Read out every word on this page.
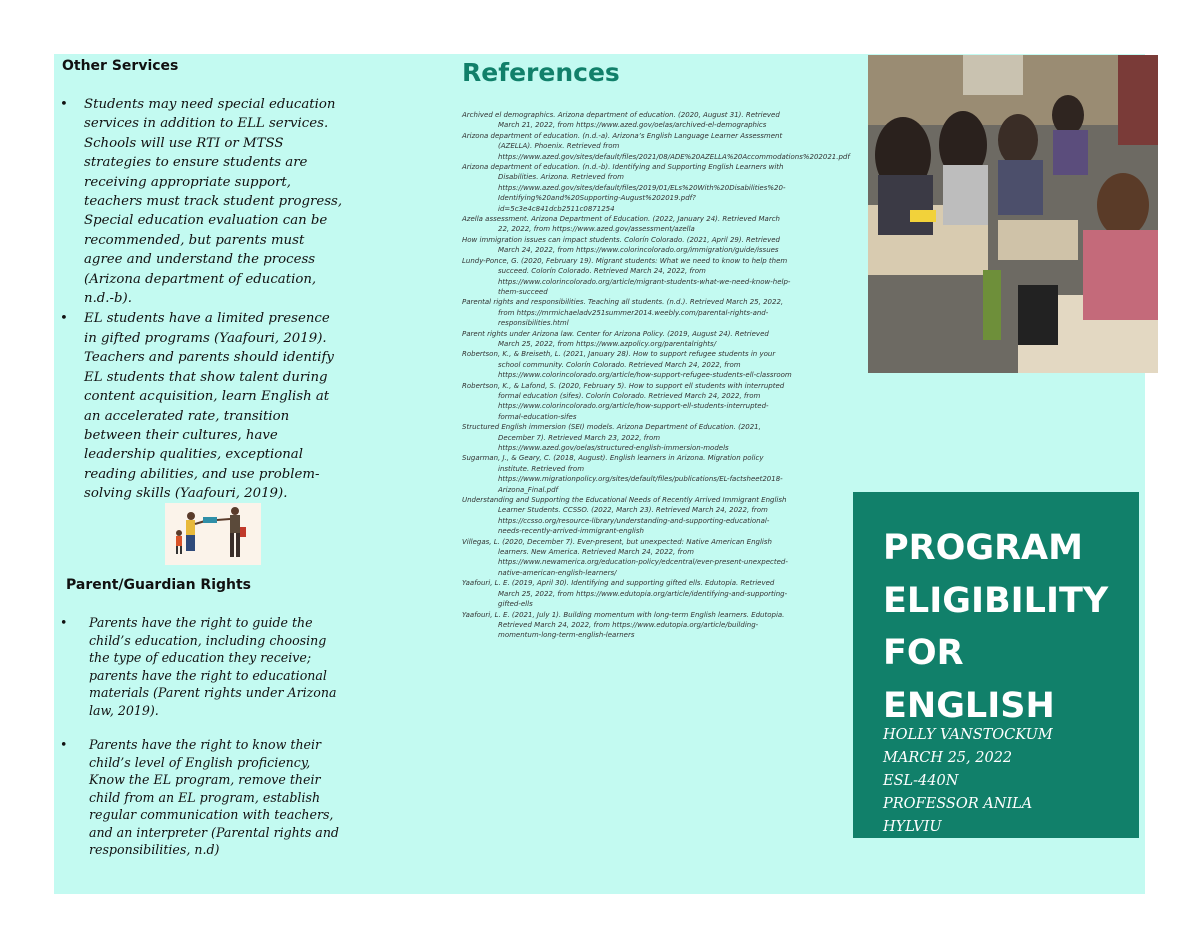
Other Services
• Students may need special education services in addition to ELL services. Schools will use RTI or MTSS strategies to ensure students are receiving appropriate support, teachers must track student progress, Special education evaluation can be recommended, but parents must agree and understand the process (Arizona department of education, n.d.-b).
• EL students have a limited presence in gifted programs (Yaafouri, 2019). Teachers and parents should identify EL students that show talent during content acquisition, learn English at an accelerated rate, transition between their cultures, have leadership qualities, exceptional reading abilities, and use problem-solving skills (Yaafouri, 2019).
Parent/Guardian Rights
• Parents have the right to guide the child’s education, including choosing the type of education they receive; parents have the right to educational materials (Parent rights under Arizona law, 2019).
• Parents have the right to know their child’s level of English proficiency, Know the EL program, remove their child from an EL program, establish regular communication with teachers, and an interpreter (Parental rights and responsibilities, n.d)
References
Archived el demographics. Arizona department of education. (2020, August 31). Retrieved March 21, 2022, from https://www.azed.gov/oelas/archived-el-demographics
Arizona department of education. (n.d.-a). Arizona’s English Language Learner Assessment (AZELLA). Phoenix. Retrieved from https://www.azed.gov/sites/default/files/2021/08/ADE%20AZELLA%20Accommodations%202021.pdf
Arizona department of education. (n.d.-b). Identifying and Supporting English Learners with Disabilities. Arizona. Retrieved from https://www.azed.gov/sites/default/files/2019/01/ELs%20With%20Disabilities%20-Identifying%20and%20Supporting-August%202019.pdf?id=5c3e4c841dcb2511c0871254
Azella assessment. Arizona Department of Education. (2022, January 24). Retrieved March 22, 2022, from https://www.azed.gov/assessment/azella
How immigration issues can impact students. Colorín Colorado. (2021, April 29). Retrieved March 24, 2022, from https://www.colorincolorado.org/immigration/guide/issues
Lundy-Ponce, G. (2020, February 19). Migrant students: What we need to know to help them succeed. Colorín Colorado. Retrieved March 24, 2022, from https://www.colorincolorado.org/article/migrant-students-what-we-need-know-help-them-succeed
Parental rights and responsibilities. Teaching all students. (n.d.). Retrieved March 25, 2022, from https://mrmichaeladv251summer2014.weebly.com/parental-rights-and-responsibilities.html
Parent rights under Arizona law. Center for Arizona Policy. (2019, August 24). Retrieved March 25, 2022, from https://www.azpolicy.org/parentalrights/
Robertson, K., & Breiseth, L. (2021, January 28). How to support refugee students in your school community. Colorín Colorado. Retrieved March 24, 2022, from https://www.colorincolorado.org/article/how-support-refugee-students-ell-classroom
Robertson, K., & Lafond, S. (2020, February 5). How to support ell students with interrupted formal education (sifes). Colorín Colorado. Retrieved March 24, 2022, from https://www.colorincolorado.org/article/how-support-ell-students-interrupted-formal-education-sifes
Structured English immersion (SEI) models. Arizona Department of Education. (2021, December 7). Retrieved March 23, 2022, from https://www.azed.gov/oelas/structured-english-immersion-models
Sugarman, J., & Geary, C. (2018, August). English learners in Arizona. Migration policy institute. Retrieved from https://www.migrationpolicy.org/sites/default/files/publications/EL-factsheet2018-Arizona_Final.pdf
Understanding and Supporting the Educational Needs of Recently Arrived Immigrant English Learner Students. CCSSO. (2022, March 23). Retrieved March 24, 2022, from https://ccsso.org/resource-library/understanding-and-supporting-educational-needs-recently-arrived-immigrant-english
Villegas, L. (2020, December 7). Ever-present, but unexpected: Native American English learners. New America. Retrieved March 24, 2022, from https://www.newamerica.org/education-policy/edcentral/ever-present-unexpected-native-american-english-learners/
Yaafouri, L. E. (2019, April 30). Identifying and supporting gifted ells. Edutopia. Retrieved March 25, 2022, from https://www.edutopia.org/article/identifying-and-supporting-gifted-ells
Yaafouri, L. E. (2021, July 1). Building momentum with long-term English learners. Edutopia. Retrieved March 24, 2022, from https://www.edutopia.org/article/building-momentum-long-term-english-learners

PROGRAM
ELIGIBILITY
FOR
ENGLISH
HOLLY VANSTOCKUM
MARCH 25, 2022
ESL-440N
PROFESSOR ANILA HYLVIU
